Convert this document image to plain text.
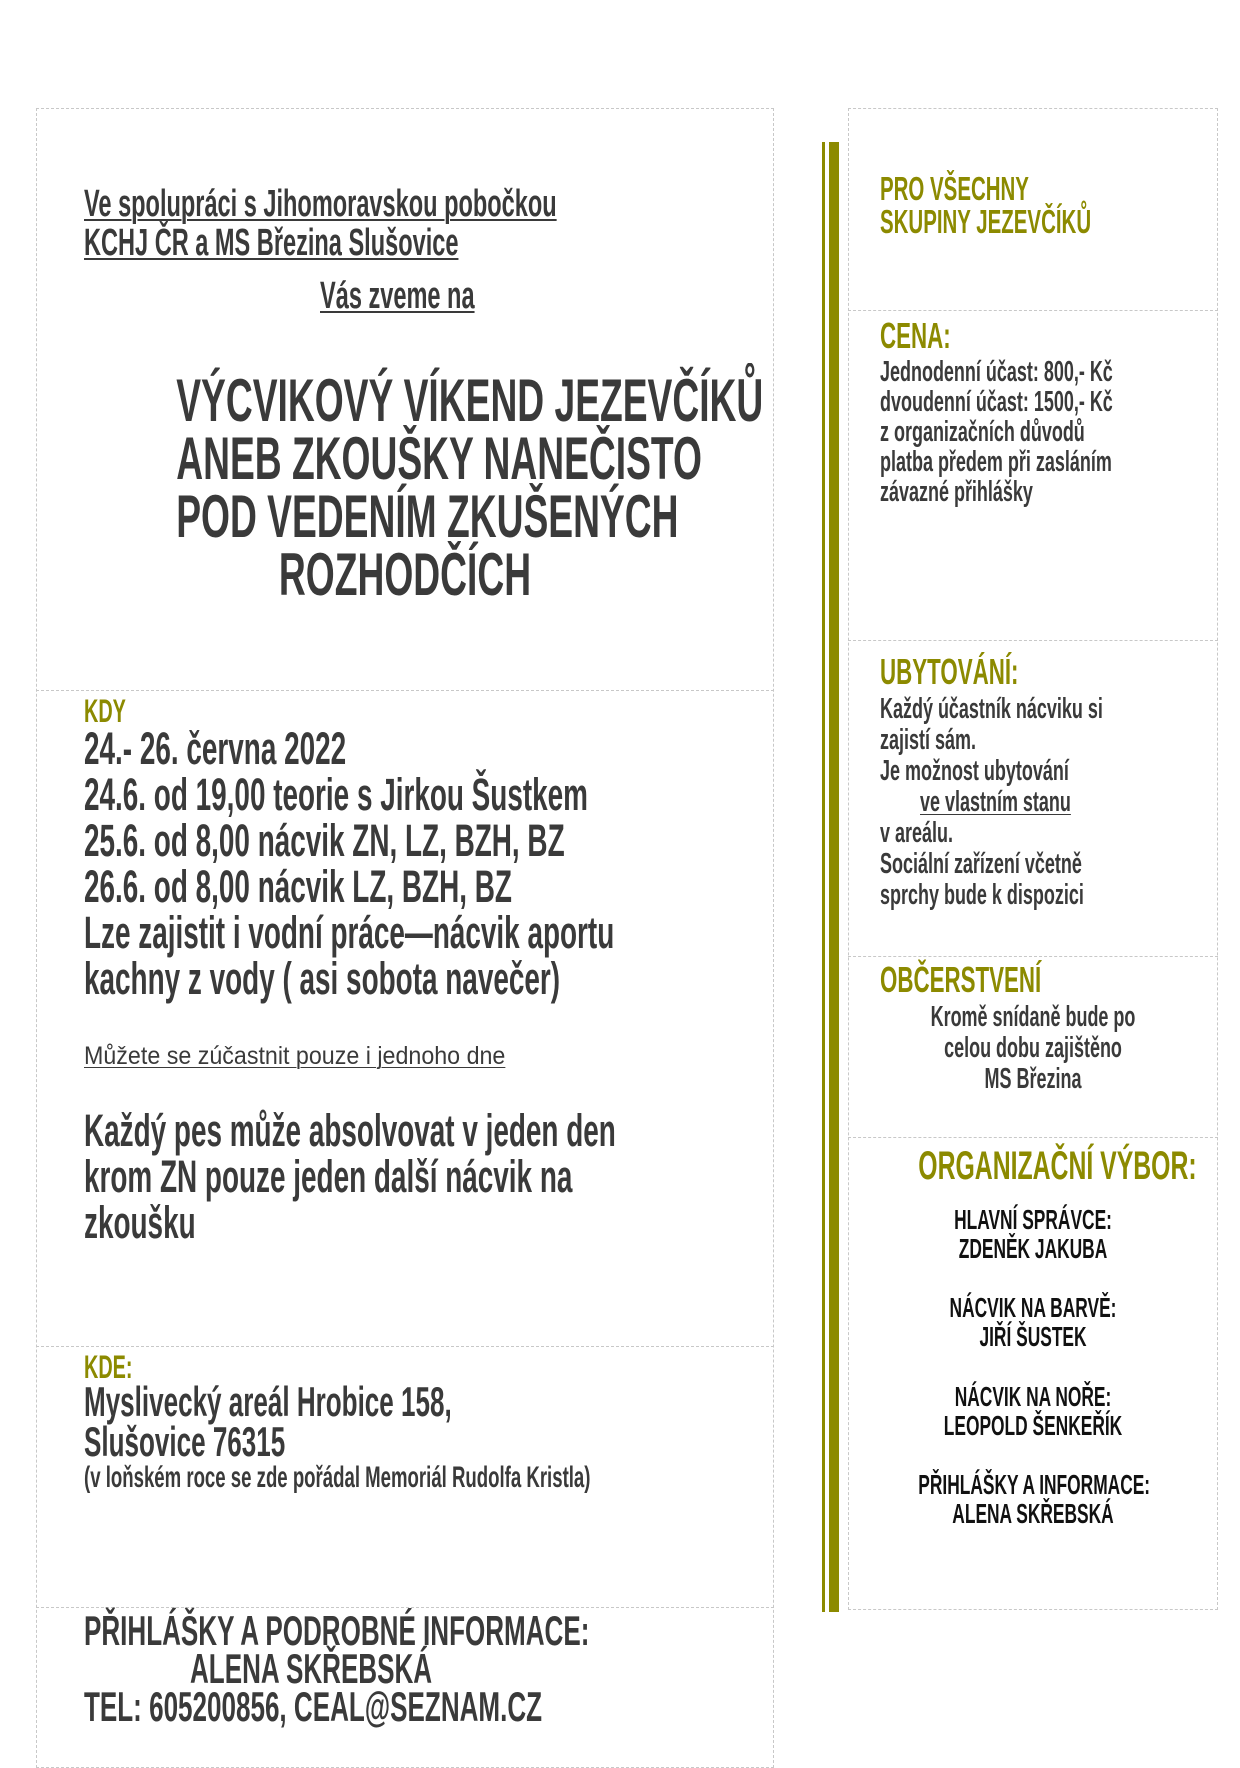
Ve spolupráci s Jihomoravskou pobočkou
KCHJ ČR a MS Březina Slušovice
Vás zveme na
VÝCVIKOVÝ VÍKEND JEZEVČÍKŮ
ANEB ZKOUŠKY NANEČISTO
POD VEDENÍM ZKUŠENÝCH
ROZHODČÍCH
KDY
24.- 26. června 2022
24.6. od 19,00 teorie s Jirkou Šustkem
25.6. od 8,00 nácvik ZN, LZ, BZH, BZ
26.6. od 8,00 nácvik LZ, BZH, BZ
Lze zajistit i vodní práce—nácvik aportu
kachny z vody ( asi sobota navečer)
Můžete se zúčastnit pouze i jednoho dne
Každý pes může absolvovat v jeden den
krom ZN pouze jeden další nácvik na
zkoušku
KDE:
Myslivecký areál Hrobice 158,
Slušovice 76315
(v loňském roce se zde pořádal Memoriál Rudolfa Kristla)
PŘIHLÁŠKY A PODROBNÉ INFORMACE:
ALENA SKŘEBSKÁ
TEL: 605200856, CEAL@SEZNAM.CZ
PRO VŠECHNY
SKUPINY JEZEVČÍKŮ
CENA:
Jednodenní účast: 800,- Kč
dvoudenní účast: 1500,- Kč
z organizačních důvodů
platba předem při zasláním
závazné přihlášky
UBYTOVÁNÍ:
Každý účastník nácviku si
zajistí sám.
Je možnost ubytování
ve vlastním stanu
v areálu.
Sociální zařízení včetně
sprchy bude k dispozici
OBČERSTVENÍ
Kromě snídaně bude po
celou dobu zajištěno
MS Březina
ORGANIZAČNÍ VÝBOR:
HLAVNÍ SPRÁVCE:
ZDENĚK JAKUBA
NÁCVIK NA BARVĚ:
JIŘÍ ŠUSTEK
NÁCVIK NA NOŘE:
LEOPOLD ŠENKEŘÍK
PŘIHLÁŠKY A INFORMACE:
ALENA SKŘEBSKÁ
